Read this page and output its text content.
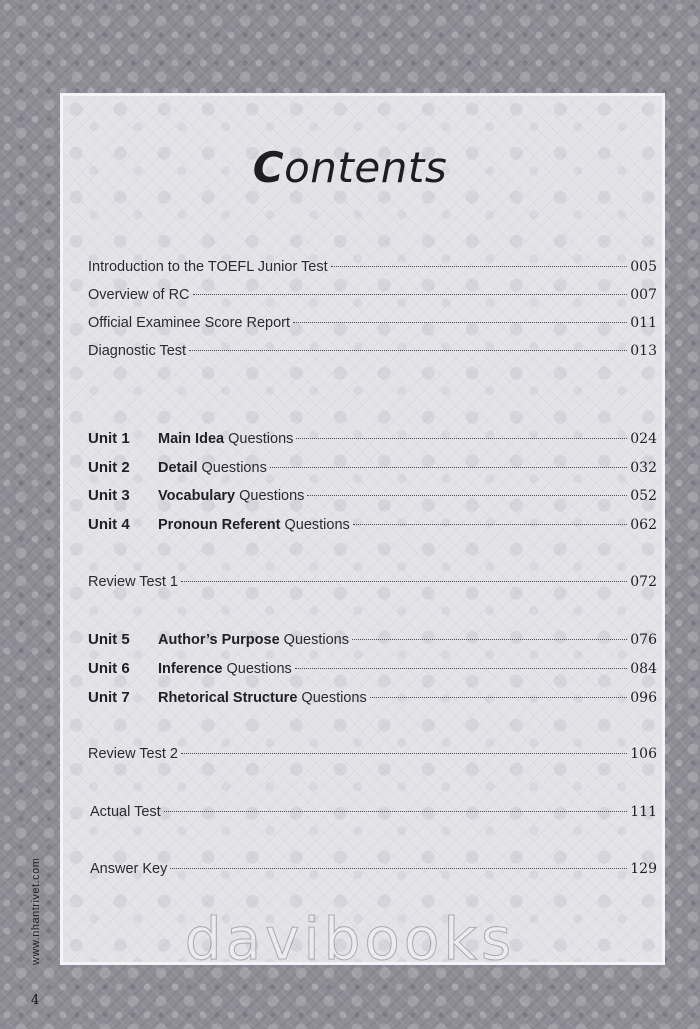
Contents
Introduction to the TOEFL Junior Test	005
Overview of RC	007
Official Examinee Score Report	011
Diagnostic Test	013
Unit 1	Main Idea Questions	024
Unit 2	Detail Questions	032
Unit 3	Vocabulary Questions	052
Unit 4	Pronoun Referent Questions	062
Review Test 1	072
Unit 5	Author’s Purpose Questions	076
Unit 6	Inference Questions	084
Unit 7	Rhetorical Structure Questions	096
Review Test 2	106
Actual Test	111
Answer Key	129
davibooks
www.nhantrivet.com
4
